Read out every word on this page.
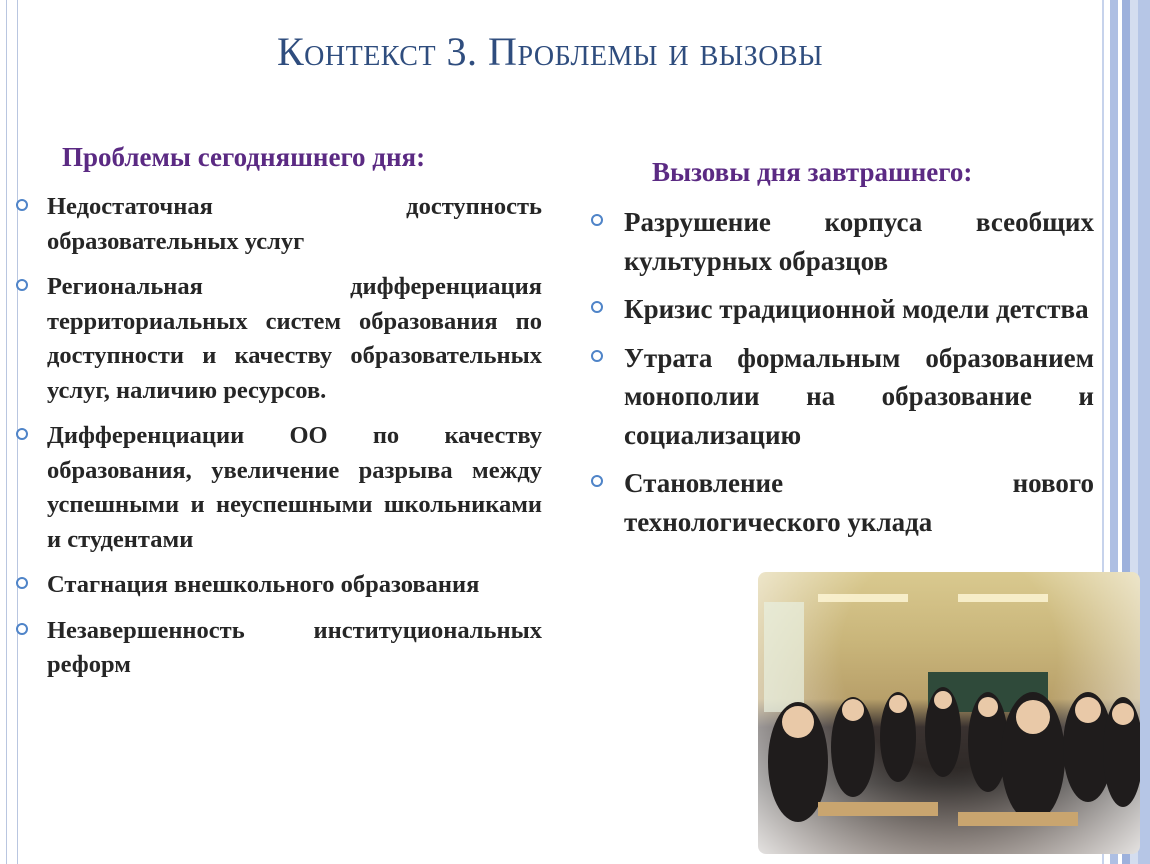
Контекст 3. Проблемы и вызовы
Проблемы сегодняшнего дня:
Недостаточная доступность образовательных услуг
Региональная дифференциация территориальных систем образования по доступности и качеству образовательных услуг, наличию ресурсов.
Дифференциации ОО по качеству образования, увеличение разрыва между успешными и неуспешными школьниками и студентами
Стагнация внешкольного образования
Незавершенность институциональных реформ
Вызовы дня завтрашнего:
Разрушение корпуса всеобщих культурных образцов
Кризис традиционной модели детства
Утрата формальным образованием монополии на образование и социализацию
Становление нового технологического уклада
